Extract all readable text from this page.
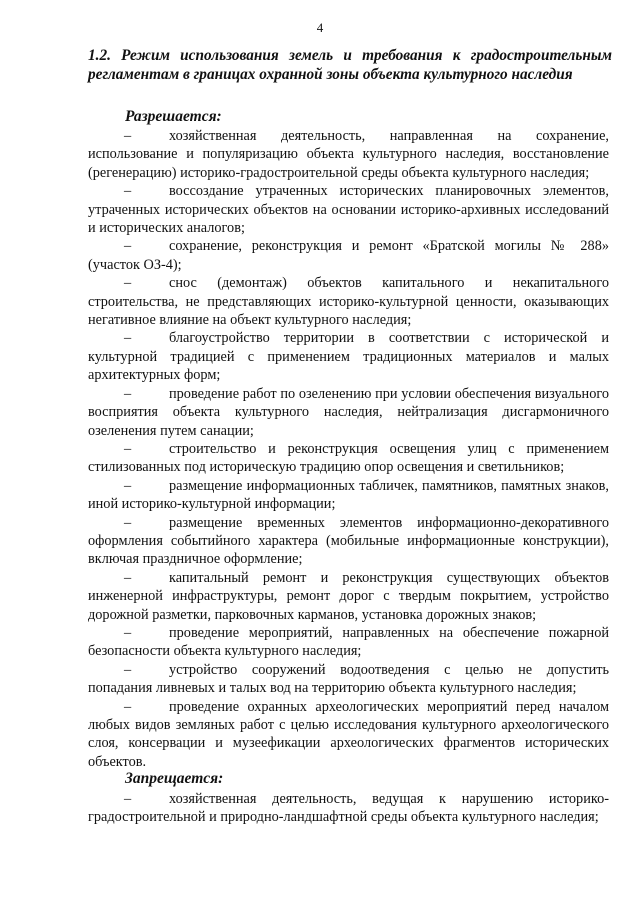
4
1.2. Режим использования земель и требования к градостроительным регламентам в границах охранной зоны объекта культурного наследия
Разрешается:

–	хозяйственная деятельность, направленная на сохранение, использование и популяризацию объекта культурного наследия, восстановление (регенерацию) историко-градостроительной среды объекта культурного наследия;

–	воссоздание утраченных исторических планировочных элементов, утраченных исторических объектов на основании историко-архивных исследований и исторических аналогов;

–	сохранение, реконструкция и ремонт «Братской могилы № 288» (участок ОЗ-4);

–	снос (демонтаж) объектов капитального и некапитального строительства, не представляющих историко-культурной ценности, оказывающих негативное влияние на объект культурного наследия;

–	благоустройство территории в соответствии с исторической и культурной традицией с применением традиционных материалов и малых архитектурных форм;

–	проведение работ по озеленению при условии обеспечения визуального восприятия объекта культурного наследия, нейтрализация дисгармоничного озеленения путем санации;

–	строительство и реконструкция освещения улиц с применением стилизованных под историческую традицию опор освещения и светильников;

–	размещение информационных табличек, памятников, памятных знаков, иной историко-культурной информации;

–	размещение временных элементов информационно-декоративного оформления событийного характера (мобильные информационные конструкции), включая праздничное оформление;

–	капитальный ремонт и реконструкция существующих объектов инженерной инфраструктуры, ремонт дорог с твердым покрытием, устройство дорожной разметки, парковочных карманов, установка дорожных знаков;

–	проведение мероприятий, направленных на обеспечение пожарной безопасности объекта культурного наследия;

–	устройство сооружений водоотведения с целью не допустить попадания ливневых и талых вод на территорию объекта культурного наследия;

–	проведение охранных археологических мероприятий перед началом любых видов земляных работ с целью исследования культурного археологического слоя, консервации и музеефикации археологических фрагментов исторических объектов.

Запрещается:

–	хозяйственная деятельность, ведущая к нарушению историко-градостроительной и природно-ландшафтной среды объекта культурного наследия;
